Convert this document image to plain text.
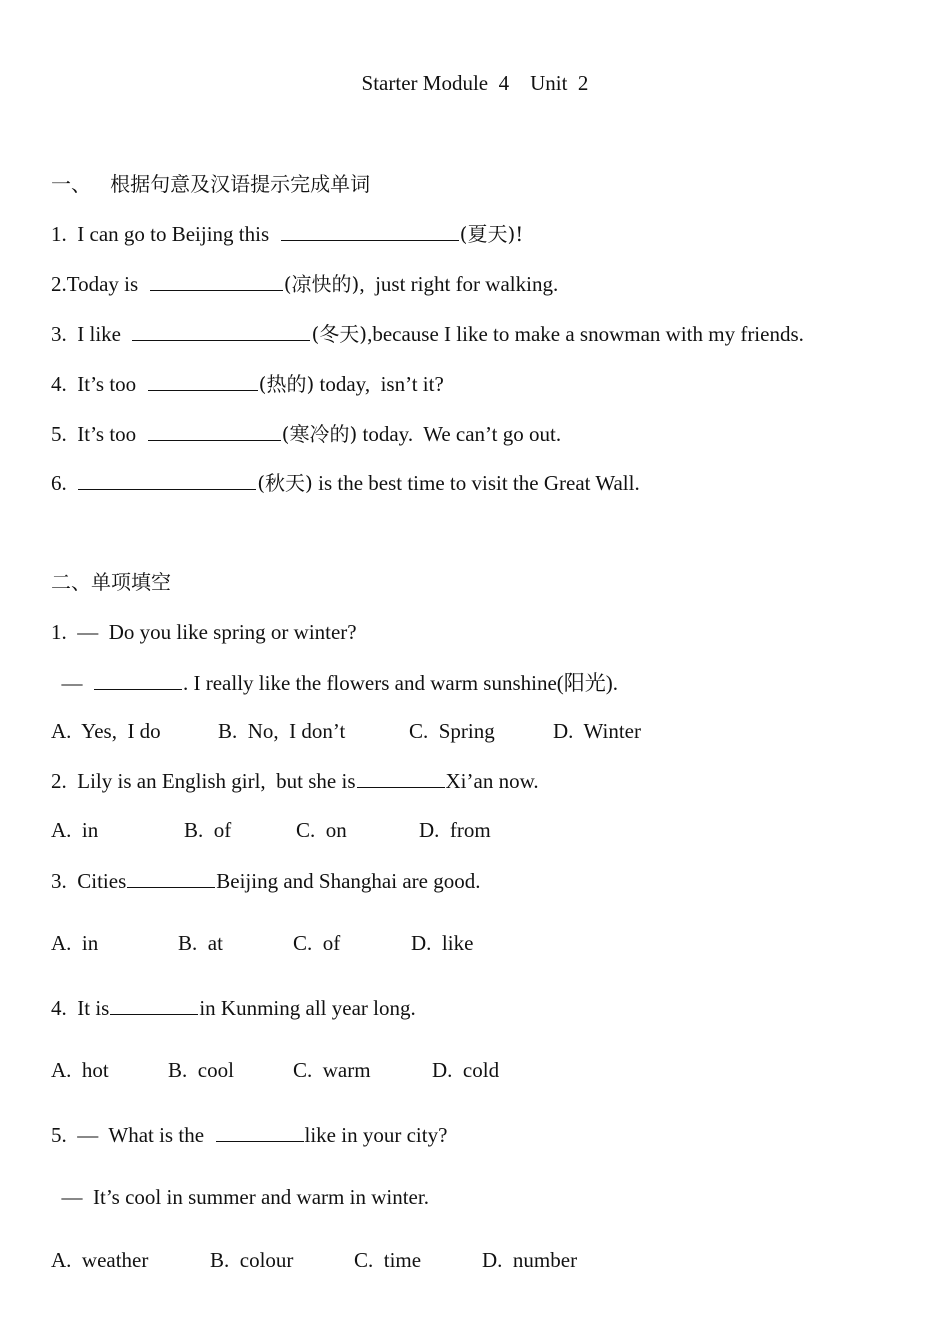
Starter Module  4    Unit  2
一、   根据句意及汉语提示完成单词
1.  I can go to Beijing this	(夏天)!
2.Today is	(凉快的),  just right for walking.
3.  I like	(冬天),because I like to make a snowman with my friends.
4.  It’s too	(热的) today,  isn’t it?
5.  It’s too	(寒冷的) today.  We can’t go out.
6.	(秋天) is the best time to visit the Great Wall.
二、单项填空
1.  —  Do you like spring or winter?
—	. I really like the flowers and warm sunshine(阳光).
A.  Yes,  I do	B.  No,  I don’t	C.  Spring	D.  Winter
2.  Lily is an English girl,  but she is	Xi’an now.
A.  in	B.  of	C.  on	D.  from
3.  Cities	Beijing and Shanghai are good.
A.  in	B.  at	C.  of	D.  like
4.  It is	in Kunming all year long.
A.  hot	B.  cool	C.  warm	D.  cold
5.  —  What is the	like in your city?
—  It’s cool in summer and warm in winter.
A.  weather	B.  colour	C.  time	D.  number
